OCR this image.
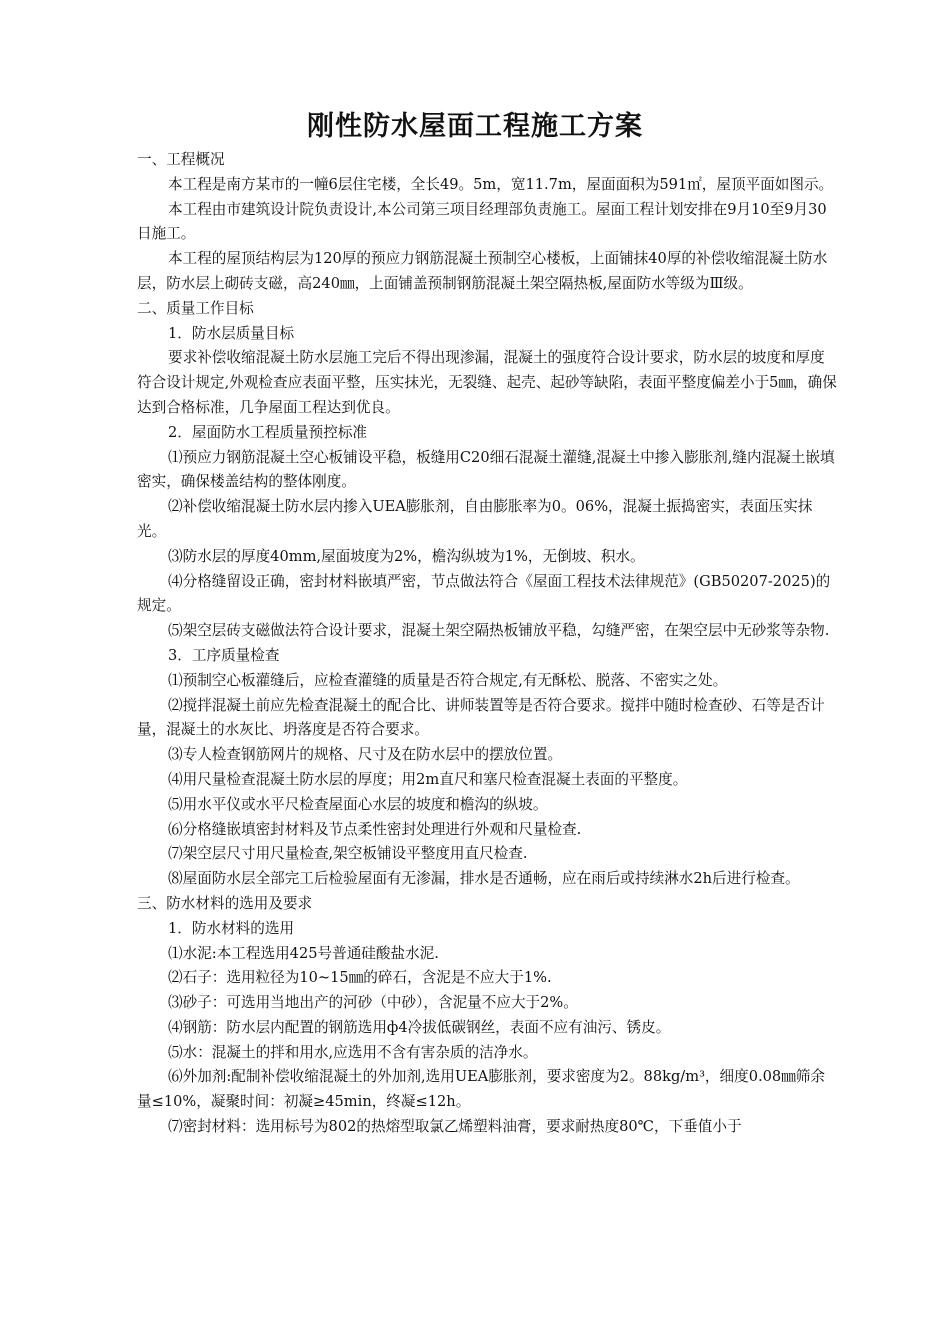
刚性防水屋面工程施工方案

一、工程概况

本工程是南方某市的一幢6层住宅楼，全长49。5m，宽11.7m，屋面面积为591㎡，屋顶平面如图示。

本工程由市建筑设计院负责设计,本公司第三项目经理部负责施工。屋面工程计划安排在9月10至9月30日施工。

本工程的屋顶结构层为120厚的预应力钢筋混凝土预制空心楼板，上面铺抹40厚的补偿收缩混凝土防水层，防水层上砌砖支磁，高240㎜，上面铺盖预制钢筋混凝土架空隔热板,屋面防水等级为Ⅲ级。

二、质量工作目标

1．防水层质量目标

要求补偿收缩混凝土防水层施工完后不得出现渗漏，混凝土的强度符合设计要求，防水层的坡度和厚度符合设计规定,外观检查应表面平整，压实抹光，无裂缝、起壳、起砂等缺陷，表面平整度偏差小于5㎜，确保达到合格标准，几争屋面工程达到优良。

2．屋面防水工程质量预控标准

⑴预应力钢筋混凝土空心板铺设平稳，板缝用C20细石混凝土灌缝,混凝土中掺入膨胀剂,缝内混凝土嵌填密实，确保楼盖结构的整体刚度。

⑵补偿收缩混凝土防水层内掺入UEA膨胀剂，自由膨胀率为0。06%，混凝土振捣密实，表面压实抹光。

⑶防水层的厚度40mm,屋面坡度为2%，檐沟纵坡为1%，无倒坡、积水。

⑷分格缝留设正确，密封材料嵌填严密，节点做法符合《屋面工程技术法律规范》(GB50207-2025)的规定。

⑸架空层砖支磁做法符合设计要求，混凝土架空隔热板铺放平稳，勾缝严密，在架空层中无砂浆等杂物.

3．工序质量检查

⑴预制空心板灌缝后，应检查灌缝的质量是否符合规定,有无酥松、脱落、不密实之处。

⑵搅拌混凝土前应先检查混凝土的配合比、讲师装置等是否符合要求。搅拌中随时检查砂、石等是否计量，混凝土的水灰比、坍落度是否符合要求。

⑶专人检查钢筋网片的规格、尺寸及在防水层中的摆放位置。

⑷用尺量检查混凝土防水层的厚度；用2m直尺和塞尺检查混凝土表面的平整度。

⑸用水平仪或水平尺检查屋面心水层的坡度和檐沟的纵坡。

⑹分格缝嵌填密封材料及节点柔性密封处理进行外观和尺量检查.

⑺架空层尺寸用尺量检查,架空板铺设平整度用直尺检查.

⑻屋面防水层全部完工后检验屋面有无渗漏，排水是否通畅，应在雨后或持续淋水2h后进行检查。

三、防水材料的选用及要求

1．防水材料的选用

⑴水泥:本工程选用425号普通硅酸盐水泥.

⑵石子：选用粒径为10~15㎜的碎石，含泥是不应大于1%.

⑶砂子：可选用当地出产的河砂（中砂），含泥量不应大于2%。

⑷钢筋：防水层内配置的钢筋选用ф4冷拔低碳钢丝，表面不应有油污、锈皮。

⑸水：混凝土的拌和用水,应选用不含有害杂质的洁净水。

⑹外加剂:配制补偿收缩混凝土的外加剂,选用UEA膨胀剂，要求密度为2。88kg/m³，细度0.08㎜筛余量≤10%，凝聚时间：初凝≥45min，终凝≤12h。

⑺密封材料：选用标号为802的热熔型取氯乙烯塑料油膏，要求耐热度80℃，下垂值小于
